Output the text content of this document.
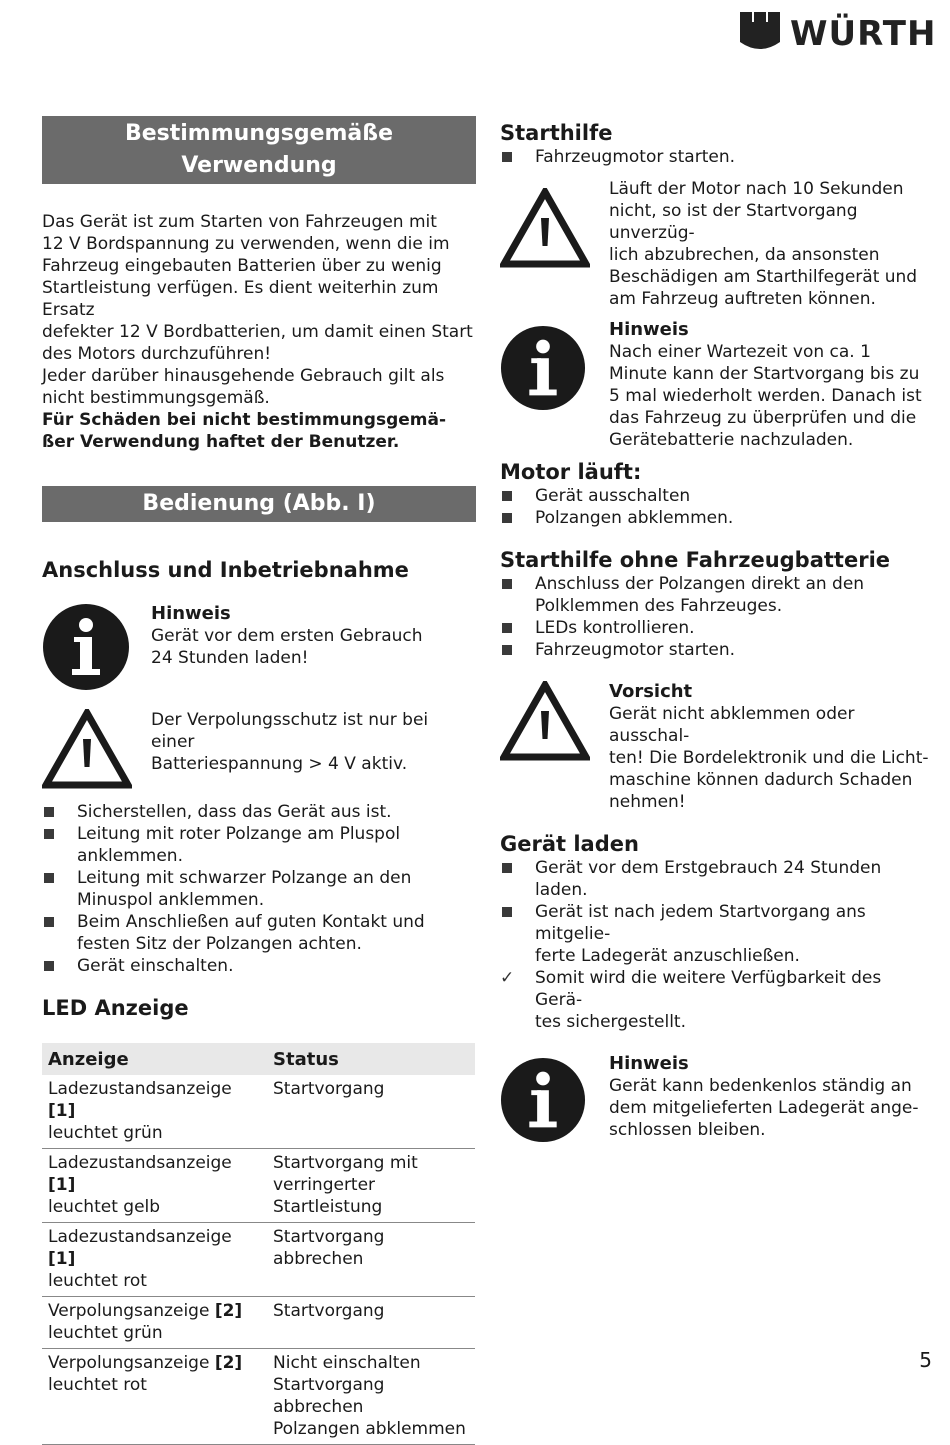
WÜRTH
Bestimmungsgemäße Verwendung

Das Gerät ist zum Starten von Fahrzeugen mit

12 V Bordspannung zu verwenden, wenn die im

Fahrzeug eingebauten Batterien über zu wenig

Startleistung verfügen. Es dient weiterhin zum Ersatz

defekter 12 V Bordbatterien, um damit einen Start

des Motors durchzuführen!

Jeder darüber hinausgehende Gebrauch gilt als

nicht bestimmungsgemäß.

Für Schäden bei nicht bestimmungsgemä-

ßer Verwendung haftet der Benutzer.

Bedienung (Abb. I)
Anschluss und Inbetriebnahme
Hinweis

Gerät vor dem ersten Gebrauch

24 Stunden laden!

Der Verpolungsschutz ist nur bei einer

Batteriespannung > 4 V aktiv.

Sicherstellen, dass das Gerät aus ist.
Leitung mit roter Polzange am Pluspol
anklemmen.
Leitung mit schwarzer Polzange an den
Minuspol anklemmen.
Beim Anschließen auf guten Kontakt und
festen Sitz der Polzangen achten.
Gerät einschalten.
LED Anzeige
Anzeige	Status
Ladezustandsanzeige [1]
leuchtet grün	Startvorgang
Ladezustandsanzeige [1]
leuchtet gelb	Startvorgang mit
verringerter Startleistung
Ladezustandsanzeige [1]
leuchtet rot	Startvorgang
abbrechen
Verpolungsanzeige [2]
leuchtet grün	Startvorgang
Verpolungsanzeige [2]
leuchtet rot	Nicht einschalten
Startvorgang abbrechen
Polzangen abklemmen
Starthilfe
Fahrzeugmotor starten.

Läuft der Motor nach 10 Sekunden

nicht, so ist der Startvorgang unverzüg-

lich abzubrechen, da ansonsten

Beschädigen am Starthilfegerät und

am Fahrzeug auftreten können.

Hinweis

Nach einer Wartezeit von ca. 1

Minute kann der Startvorgang bis zu

5 mal wiederholt werden. Danach ist

das Fahrzeug zu überprüfen und die

Gerätebatterie nachzuladen.

Motor läuft:
Gerät ausschalten
Polzangen abklemmen.
Starthilfe ohne Fahrzeugbatterie
Anschluss der Polzangen direkt an den
Polklemmen des Fahrzeuges.
LEDs kontrollieren.
Fahrzeugmotor starten.
Vorsicht

Gerät nicht abklemmen oder ausschal-

ten! Die Bordelektronik und die Licht-

maschine können dadurch Schaden

nehmen!

Gerät laden
Gerät vor dem Erstgebrauch 24 Stunden laden.
Gerät ist nach jedem Startvorgang ans mitgelie-
ferte Ladegerät anzuschließen.
✓ Somit wird die weitere Verfügbarkeit des Gerä-
tes sichergestellt.
Hinweis

Gerät kann bedenkenlos ständig an

dem mitgelieferten Ladegerät ange-

schlossen bleiben.

5
